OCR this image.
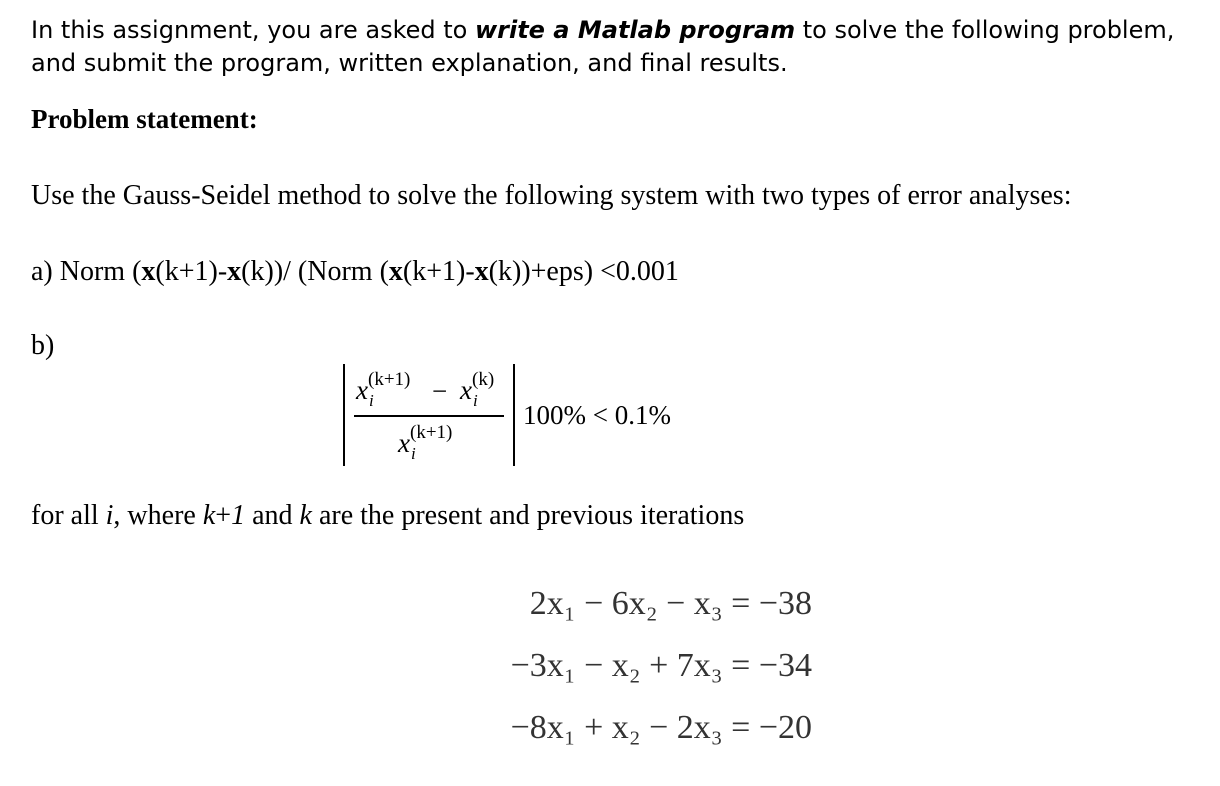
In this assignment, you are asked to write a Matlab program to solve the following problem,
and submit the program, written explanation, and final results.
Problem statement:
Use the Gauss-Seidel method to solve the following system with two types of error analyses:
a) Norm (x(k+1)-x(k))/ (Norm (x(k+1)-x(k))+eps) <0.001
b)
x (k+1)
i − x (k)
i
x (k+1)
i
100% < 0.1%
for all i, where k+1 and k are the present and previous iterations
2x₁ − 6x₂ − x₃ = −38
−3x₁ − x₂ + 7x₃ = −34
−8x₁ + x₂ − 2x₃ = −20
